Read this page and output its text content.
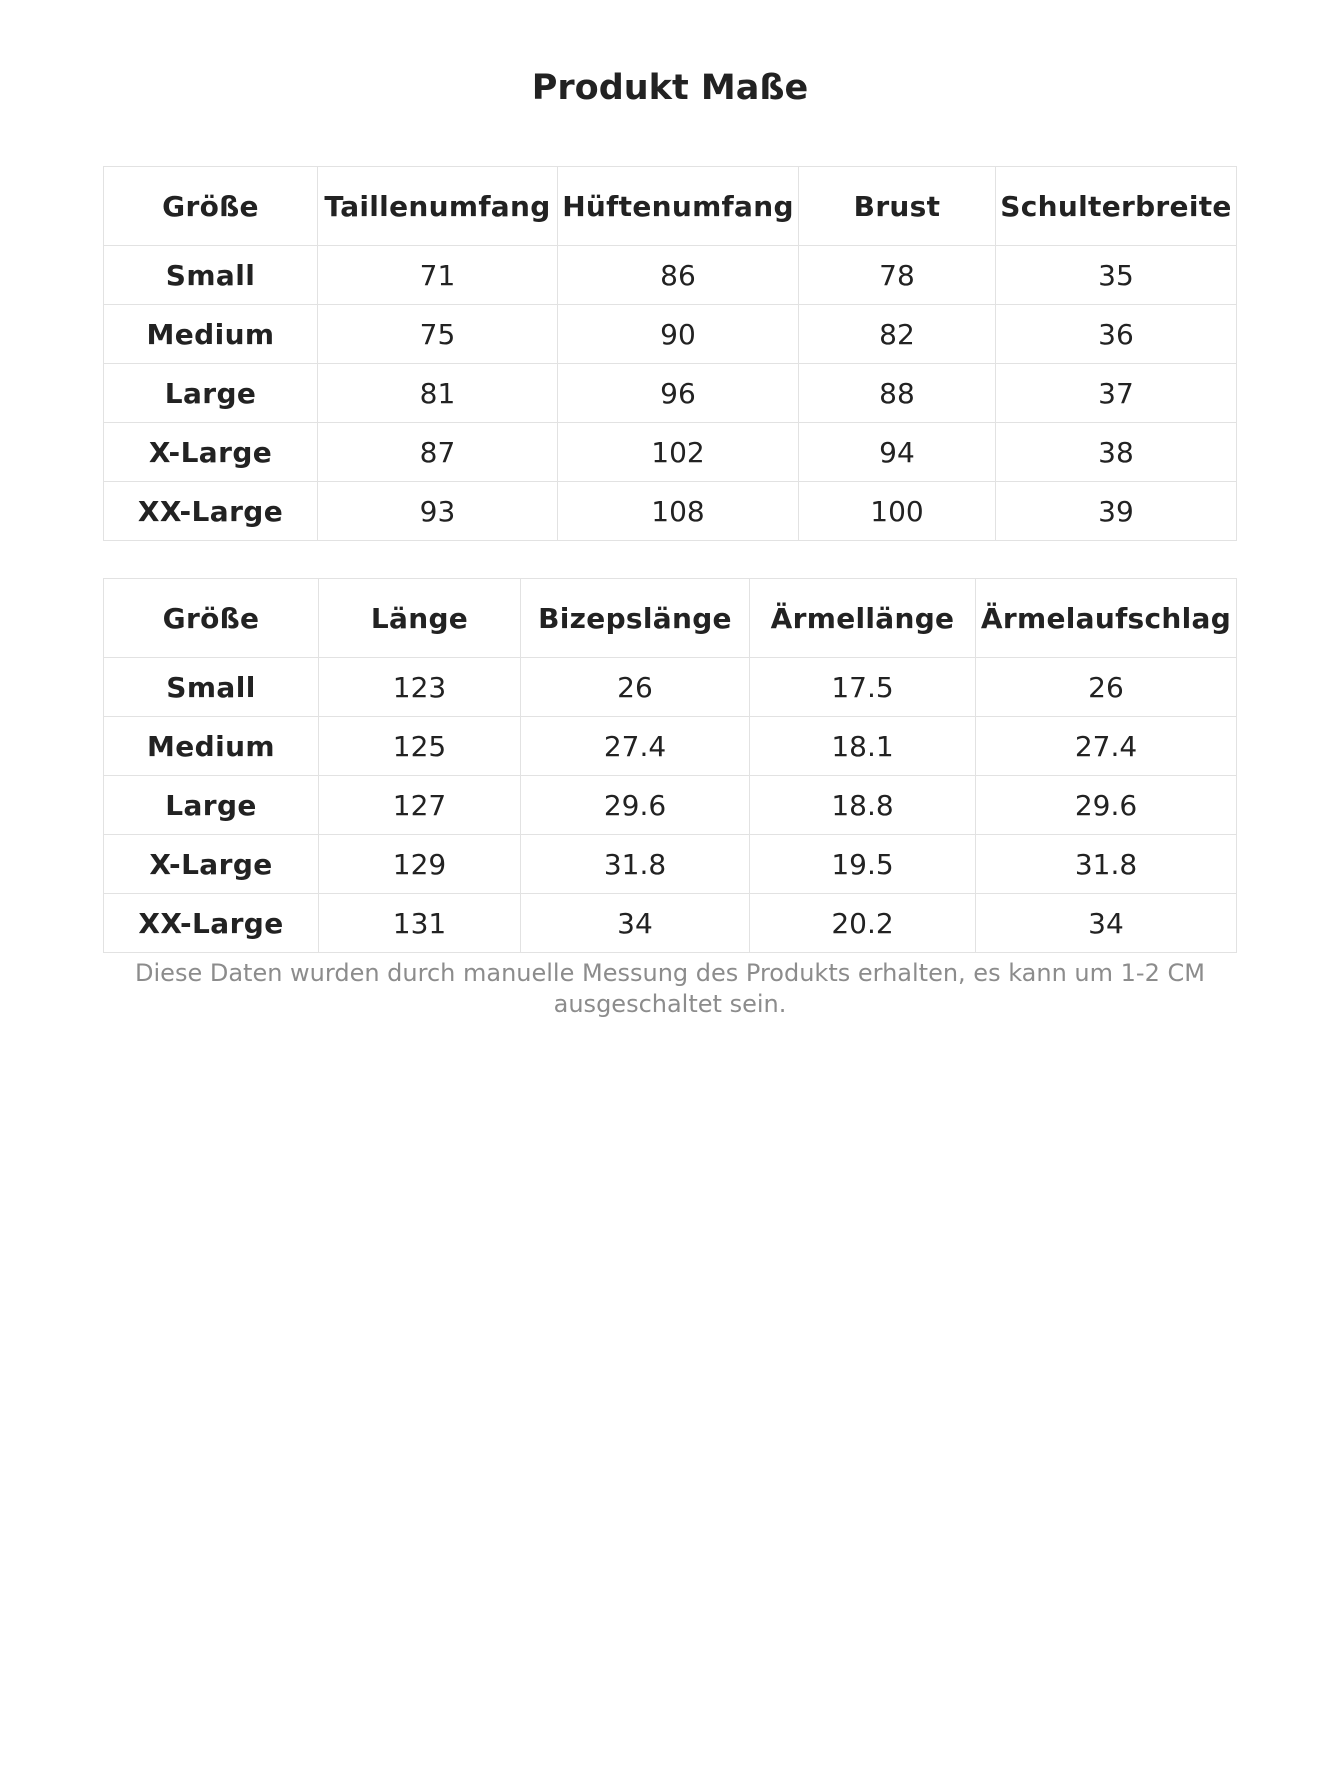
Produkt Maße
Größe	Taillenumfang	Hüftenumfang	Brust	Schulterbreite
Small	71	86	78	35
Medium	75	90	82	36
Large	81	96	88	37
X-Large	87	102	94	38
XX-Large	93	108	100	39
Größe	Länge	Bizepslänge	Ärmellänge	Ärmelaufschlag
Small	123	26	17.5	26
Medium	125	27.4	18.1	27.4
Large	127	29.6	18.8	29.6
X-Large	129	31.8	19.5	31.8
XX-Large	131	34	20.2	34

Diese Daten wurden durch manuelle Messung des Produkts erhalten, es kann um 1-2 CM ausgeschaltet sein.
